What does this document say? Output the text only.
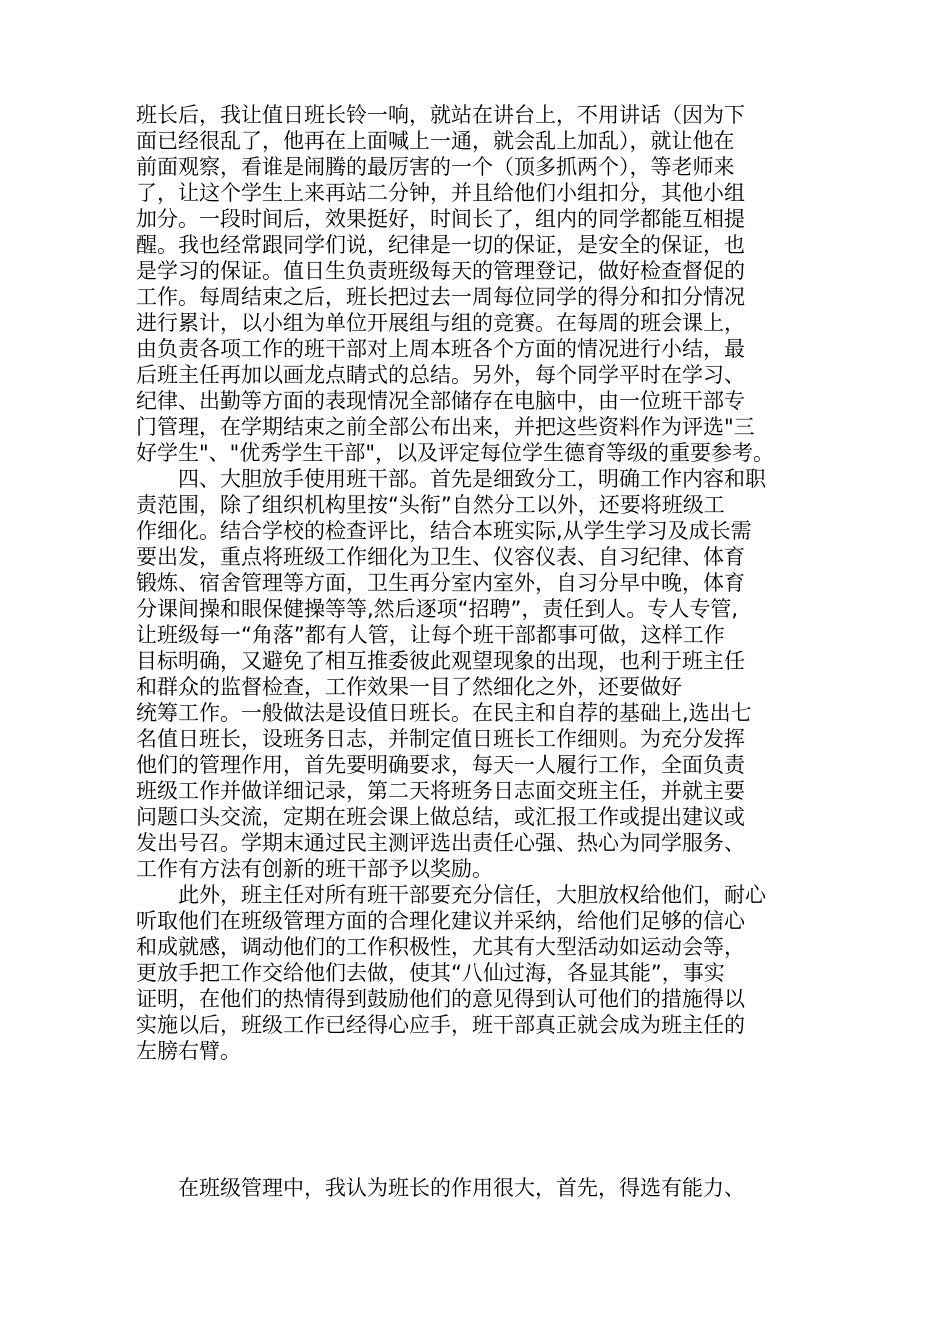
班长后，我让值日班长铃一响，就站在讲台上，不用讲话（因为下
面已经很乱了，他再在上面喊上一通，就会乱上加乱），就让他在
前面观察，看谁是闹腾的最厉害的一个（顶多抓两个），等老师来
了，让这个学生上来再站二分钟，并且给他们小组扣分，其他小组
加分。一段时间后，效果挺好，时间长了，组内的同学都能互相提
醒。我也经常跟同学们说，纪律是一切的保证，是安全的保证，也
是学习的保证。值日生负责班级每天的管理登记，做好检查督促的
工作。每周结束之后，班长把过去一周每位同学的得分和扣分情况
进行累计，以小组为单位开展组与组的竞赛。在每周的班会课上，
由负责各项工作的班干部对上周本班各个方面的情况进行小结，最
后班主任再加以画龙点睛式的总结。另外，每个同学平时在学习、
纪律、出勤等方面的表现情况全部储存在电脑中，由一位班干部专
门管理，在学期结束之前全部公布出来，并把这些资料作为评选"三
好学生"、"优秀学生干部"，以及评定每位学生德育等级的重要参考。
　　四、大胆放手使用班干部。首先是细致分工，明确工作内容和职
责范围，除了组织机构里按“头衔”自然分工以外，还要将班级工
作细化。结合学校的检查评比，结合本班实际,从学生学习及成长需
要出发，重点将班级工作细化为卫生、仪容仪表、自习纪律、体育
锻炼、宿舍管理等方面，卫生再分室内室外，自习分早中晚，体育
分课间操和眼保健操等等,然后逐项“招聘”，责任到人。专人专管,
让班级每一“角落”都有人管，让每个班干部都事可做，这样工作
目标明确，又避免了相互推委彼此观望现象的出现，也利于班主任
和群众的监督检查，工作效果一目了然细化之外，还要做好
统筹工作。一般做法是设值日班长。在民主和自荐的基础上,选出七
名值日班长，设班务日志，并制定值日班长工作细则。为充分发挥
他们的管理作用，首先要明确要求，每天一人履行工作，全面负责
班级工作并做详细记录，第二天将班务日志面交班主任，并就主要
问题口头交流，定期在班会课上做总结，或汇报工作或提出建议或
发出号召。学期末通过民主测评选出责任心强、热心为同学服务、
工作有方法有创新的班干部予以奖励。
　　此外，班主任对所有班干部要充分信任，大胆放权给他们，耐心
听取他们在班级管理方面的合理化建议并采纳，给他们足够的信心
和成就感，调动他们的工作积极性，尤其有大型活动如运动会等，
更放手把工作交给他们去做，使其“八仙过海，各显其能”，事实
证明，在他们的热情得到鼓励他们的意见得到认可他们的措施得以
实施以后，班级工作已经得心应手，班干部真正就会成为班主任的
左膀右臂。
　　在班级管理中，我认为班长的作用很大，首先，得选有能力、
